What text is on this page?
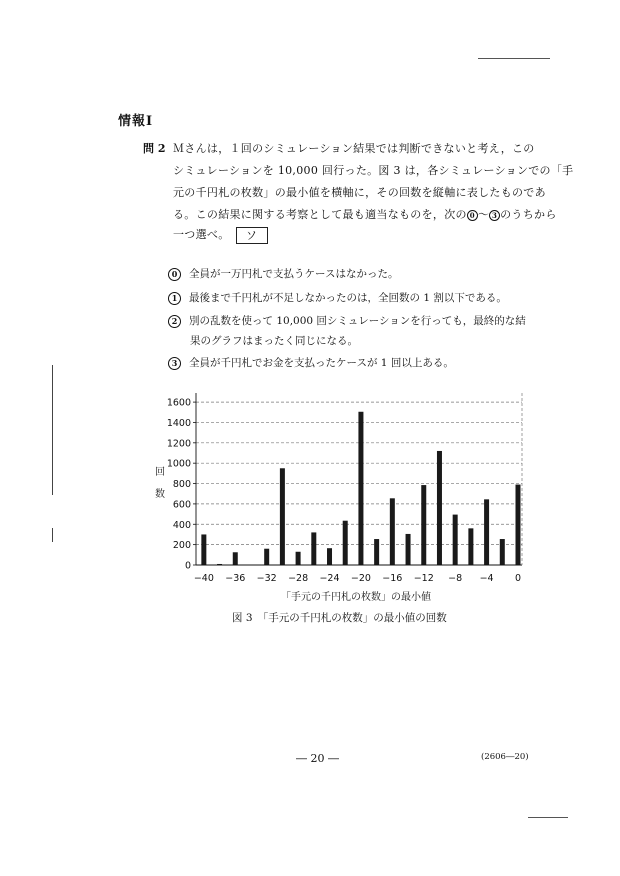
情報Ⅰ
問 2 Ｍさんは，１回のシミュレーション結果では判断できないと考え，この
シミュレーションを 10,000 回行った。図 3 は，各シミュレーションでの「手
元の千円札の枚数」の最小値を横軸に，その回数を縦軸に表したものであ
る。この結果に関する考察として最も適当なものを，次の 0 ～ 3 のうちから
一つ選べ。 ソ
0 全員が一万円札で支払うケースはなかった。
1 最後まで千円札が不足しなかったのは，全回数の 1 割以下である。
2 別の乱数を使って 10,000 回シミュレーションを行っても，最終的な結
果のグラフはまったく同じになる。
3 全員が千円札でお金を支払ったケースが 1 回以上ある。
回
数
0
200
400
600
800
1000
1200
1400
1600
−40 −36 −32 −28 −24 −20 −16 −12 −8 −4 0
「手元の千円札の枚数」の最小値
図 3　「手元の千円札の枚数」の最小値の回数
― 20 ―	(2606―20)
